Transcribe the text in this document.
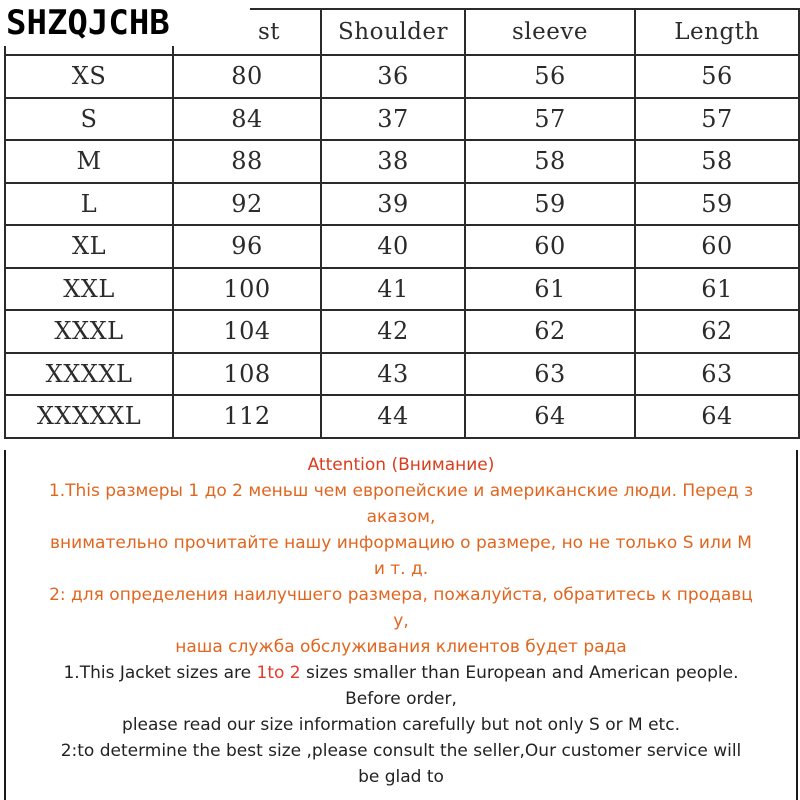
SHZQJCHB
		st	Shoulder	sleeve	Length
XS	80	36	56	56
S	84	37	57	57
M	88	38	58	58
L	92	39	59	59
XL	96	40	60	60
XXL	100	41	61	61
XXXL	104	42	62	62
XXXXL	108	43	63	63
XXXXXL	112	44	64	64

Attention (Внимание)

1.This размеры 1 до 2 меньш чем европейские и американские люди. Перед з

аказом,

внимательно прочитайте нашу информацию о размере, но не только S или M

и т. д.

2: для определения наилучшего размера, пожалуйста, обратитесь к продавц

у,

наша служба обслуживания клиентов будет рада

1.This Jacket sizes are 1to 2 sizes smaller than European and American people.

Before order,

please read our size information carefully but not only S or M etc.

2:to determine the best size ,please consult the seller,Our customer service will

be glad to
